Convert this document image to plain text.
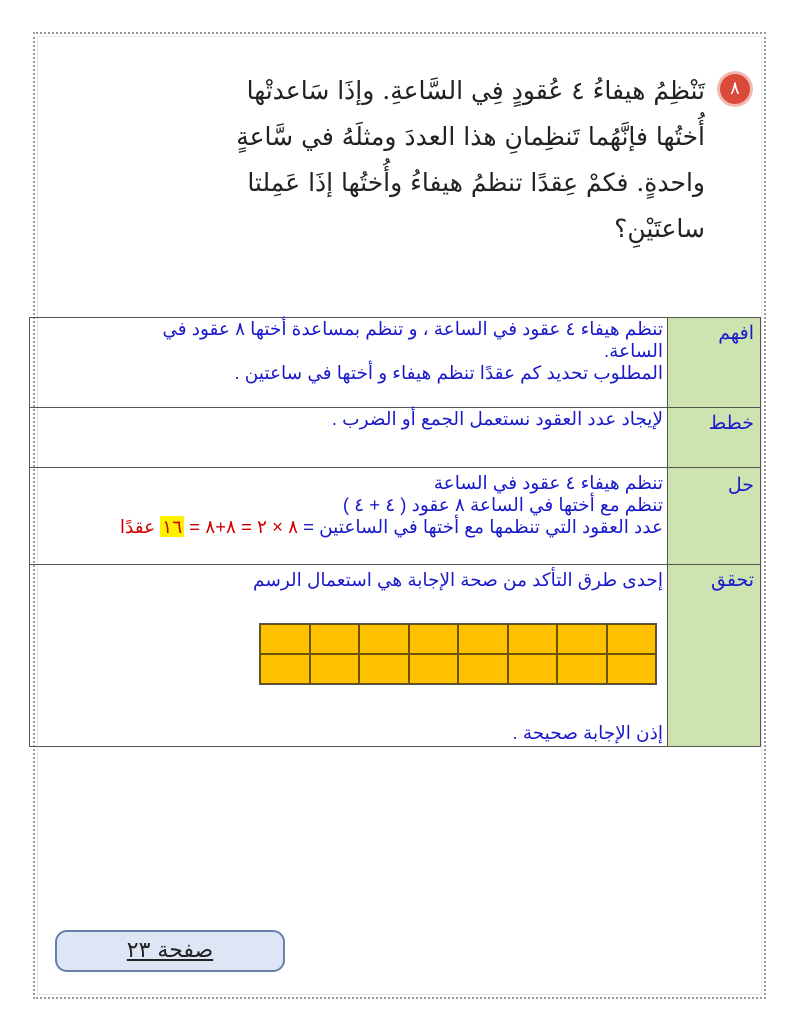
٨
تَنْظِمُ هيفاءُ ٤ عُقودٍ فِي السَّاعةِ. وإذَا سَاعدتْها
أُختُها فإنَّهُما تَنظِمانِ هذا العددَ ومثلَهُ في سَّاعةٍ
واحدةٍ. فكمْ عِقدًا تنظمُ هيفاءُ وأُختُها إذَا عَمِلتا
ساعتَيْنِ؟
افهم	تنظم هيفاء ٤ عقود في الساعة ، و تنظم بمساعدة أختها ٨ عقود في
الساعة.
المطلوب تحديد كم عقدًا تنظم هيفاء و أختها في ساعتين .

خطط	لإيجاد عدد العقود نستعمل الجمع أو الضرب .

حل	تنظم هيفاء ٤ عقود في الساعة
تنظم مع أختها في الساعة ٨ عقود ( ٤ + ٤ )
عدد العقود التي تنظمها مع أختها في الساعتين = ٨ × ٢ = ٨+٨ = ١٦ عقدًا

تحقق	إحدى طرق التأكد من صحة الإجابة هي استعمال الرسم
إذن الإجابة صحيحة .
صفحة ٢٣
